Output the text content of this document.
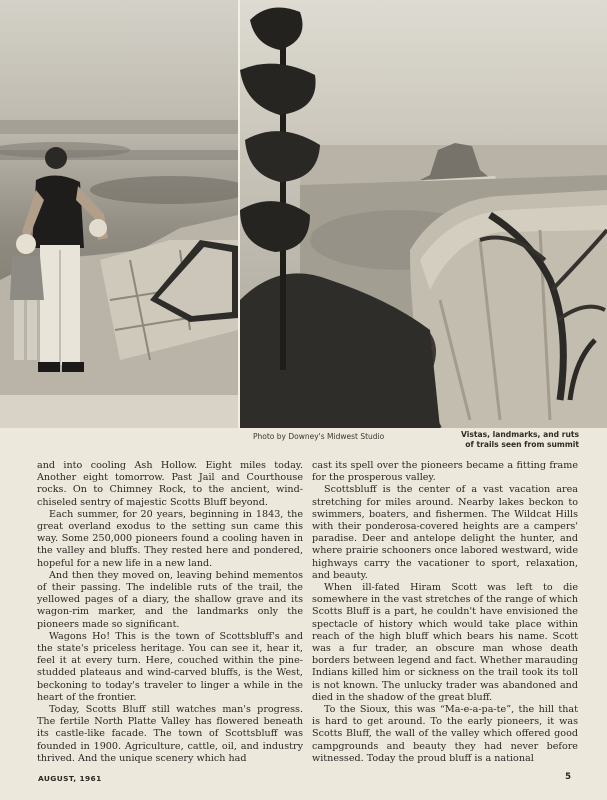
Photo by Downey's Midwest Studio	Vistas, landmarks, and ruts
of trails seen from summit

and into cooling Ash Hollow. Eight miles today. Another eight tomorrow. Past Jail and Courthouse rocks. On to Chimney Rock, to the ancient, wind-chiseled sentry of majestic Scotts Bluff beyond.

Each summer, for 20 years, beginning in 1843, the great overland exodus to the setting sun came this way. Some 250,000 pioneers found a cooling haven in the valley and bluffs. They rested here and pondered, hopeful for a new life in a new land.

And then they moved on, leaving behind mementos of their passing. The indelible ruts of the trail, the yellowed pages of a diary, the shallow grave and its wagon-rim marker, and the landmarks only the pioneers made so significant.

Wagons Ho! This is the town of Scottsbluff's and the state's priceless heritage. You can see it, hear it, feel it at every turn. Here, couched within the pine-studded plateaus and wind-carved bluffs, is the West, beckoning to today's traveler to linger a while in the heart of the frontier.

Today, Scotts Bluff still watches man's progress. The fertile North Platte Valley has flowered beneath its castle-like facade. The town of Scottsbluff was founded in 1900. Agriculture, cattle, oil, and industry thrived. And the unique scenery which had

cast its spell over the pioneers became a fitting frame for the prosperous valley.

Scottsbluff is the center of a vast vacation area stretching for miles around. Nearby lakes beckon to swimmers, boaters, and fishermen. The Wildcat Hills with their ponderosa-covered heights are a campers' paradise. Deer and antelope delight the hunter, and where prairie schooners once labored westward, wide highways carry the vacationer to sport, relaxation, and beauty.

When ill-fated Hiram Scott was left to die somewhere in the vast stretches of the range of which Scotts Bluff is a part, he couldn't have envisioned the spectacle of history which would take place within reach of the high bluff which bears his name. Scott was a fur trader, an obscure man whose death borders between legend and fact. Whether marauding Indians killed him or sickness on the trail took its toll is not known. The unlucky trader was abandoned and died in the shadow of the great bluff.

To the Sioux, this was “Ma-e-a-pa-te”, the hill that is hard to get around. To the early pioneers, it was Scotts Bluff, the wall of the valley which offered good campgrounds and beauty they had never before witnessed. Today the proud bluff is a national

AUGUST, 1961	5
